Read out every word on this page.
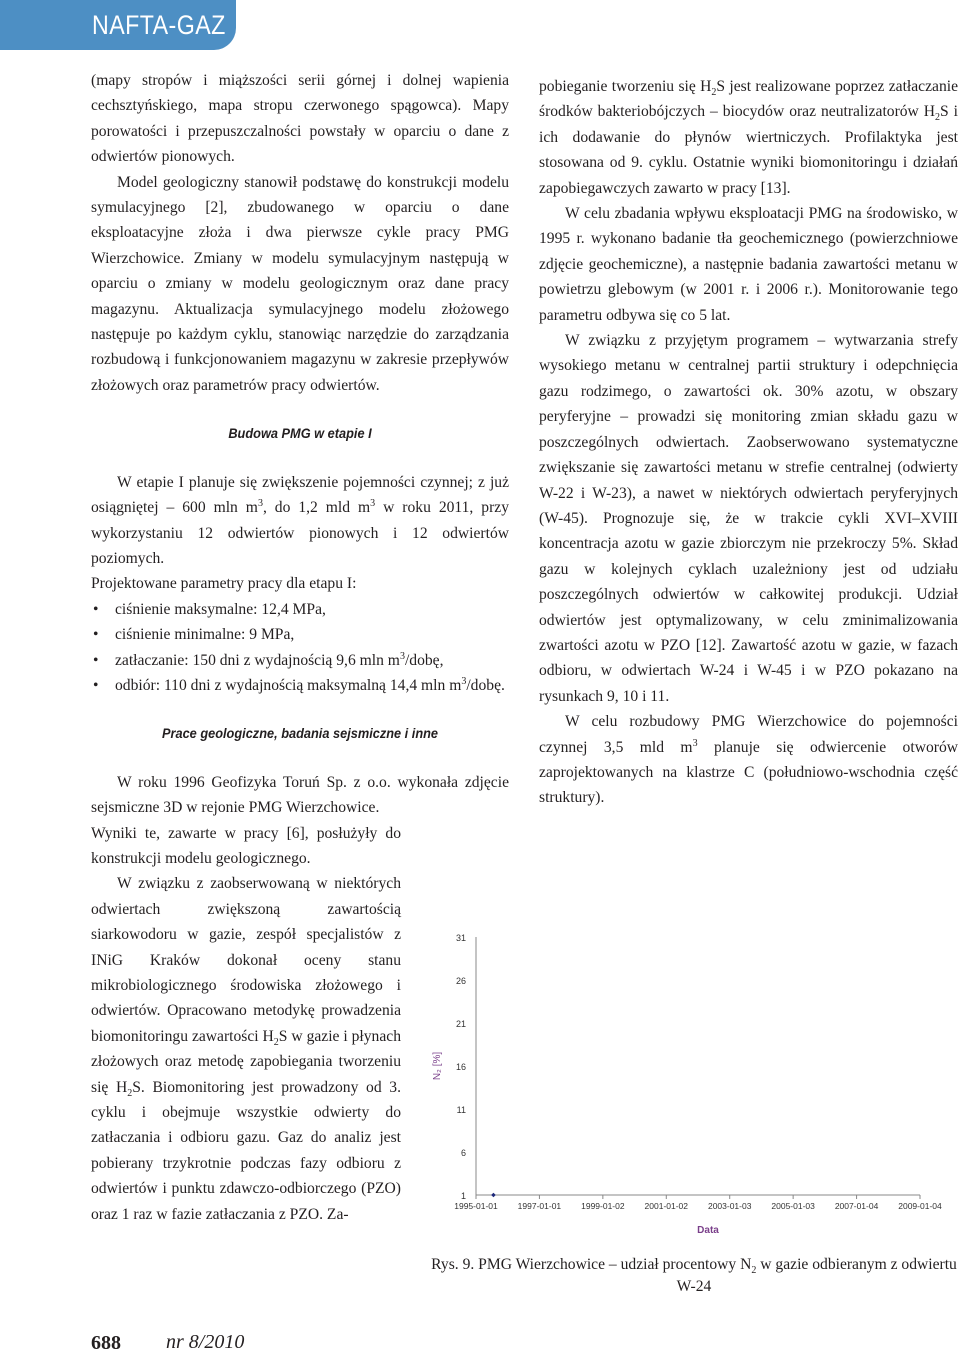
NAFTA-GAZ

(mapy stropów i miąższości serii górnej i dolnej wapienia cechsztyńskiego, mapa stropu czerwonego spągowca). Mapy porowatości i przepuszczalności powstały w oparciu o dane z odwiertów pionowych.

Model geologiczny stanowił podstawę do konstrukcji modelu symulacyjnego [2], zbudowanego w oparciu o dane eksploatacyjne złoża i dwa pierwsze cykle pracy PMG Wierzchowice. Zmiany w modelu symulacyjnym następują w oparciu o zmiany w modelu geologicznym oraz dane pracy magazynu. Aktualizacja symulacyjnego modelu złożowego następuje po każdym cyklu, stanowiąc narzędzie do zarządzania rozbudową i funkcjonowaniem magazynu w zakresie przepływów złożowych oraz parametrów pracy odwiertów.

Budowa PMG w etapie I

W etapie I planuje się zwiększenie pojemności czynnej; z już osiągniętej – 600 mln $m^3$, do 1,2 mld $m^3$ w roku 2011, przy wykorzystaniu 12 odwiertów pionowych i 12 odwiertów poziomych.

Projektowane parametry pracy dla etapu I:

• ciśnienie maksymalne: 12,4 MPa,
• ciśnienie minimalne: 9 MPa,
• zatłaczanie: 150 dni z wydajnością 9,6 mln $m^3$/dobę,
• odbiór: 110 dni z wydajnością maksymalną 14,4 mln $m^3$/dobę.
Prace geologiczne, badania sejsmiczne i inne

W roku 1996 Geofizyka Toruń Sp. z o.o. wykonała zdjęcie sejsmiczne 3D w rejonie PMG Wierzchowice.

Wyniki te, zawarte w pracy [6], posłużyły do konstrukcji modelu geologicznego.

W związku z zaobserwowaną w niektórych odwiertach zwiększoną zawartością siarkowodoru w gazie, zespół specjalistów z INiG Kraków dokonał oceny stanu mikrobiologicznego środowiska złożowego i odwiertów. Opracowano metodykę prowadzenia biomonitoringu zawartości $H_2S$ w gazie i płynach złożowych oraz metodę zapobiegania tworzeniu się $H_2S$. Biomonitoring jest prowadzony od 3. cyklu i obejmuje wszystkie odwierty do zatłaczania i odbioru gazu. Gaz do analiz jest pobierany trzykrotnie podczas fazy odbioru z odwiertów i punktu zdawczo-odbiorczego (PZO) oraz 1 raz w fazie zatłaczania z PZO. Za-

pobieganie tworzeniu się $H_2S$ jest realizowane poprzez zatłaczanie środków bakteriobójczych – biocydów oraz neutralizatorów $H_2S$ i ich dodawanie do płynów wiertniczych. Profilaktyka jest stosowana od 9. cyklu. Ostatnie wyniki biomonitoringu i działań zapobiegawczych zawarto w pracy [13].

W celu zbadania wpływu eksploatacji PMG na środowisko, w 1995 r. wykonano badanie tła geochemicznego (powierzchniowe zdjęcie geochemiczne), a następnie badania zawartości metanu w powietrzu glebowym (w 2001 r. i 2006 r.). Monitorowanie tego parametru odbywa się co 5 lat.

W związku z przyjętym programem – wytwarzania strefy wysokiego metanu w centralnej partii struktury i odepchnięcia gazu rodzimego, o zawartości ok. 30% azotu, w obszary peryferyjne – prowadzi się monitoring zmian składu gazu w poszczególnych odwiertach. Zaobserwowano systematyczne zwiększanie się zawartości metanu w strefie centralnej (odwierty W-22 i W-23), a nawet w niektórych odwiertach peryferyjnych (W-45). Prognozuje się, że w trakcie cykli XVI–XVIII koncentracja azotu w gazie zbiorczym nie przekroczy 5%. Skład gazu w kolejnych cyklach uzależniony jest od udziału poszczególnych odwiertów w całkowitej produkcji. Udział odwiertów jest optymalizowany, w celu zminimalizowania zwartości azotu w PZO [12]. Zawartość azotu w gazie, w fazach odbioru, w odwiertach W-24 i W-45 i w PZO pokazano na rysunkach 9, 10 i 11.

W celu rozbudowy PMG Wierzchowice do pojemności czynnej 3,5 mld $m^3$ planuje się odwiercenie otworów zaprojektowanych na klastrze C (południowo-wschodnia część struktury).

31
26
21
16
11
6
1
1995-01-01 1997-01-01 1999-01-02 2001-01-02 2003-01-03 2005-01-03 2007-01-04 2009-01-04
Data
N₂ [%]
Rys. 9. PMG Wierzchowice – udział procentowy $N_2$ w gazie odbieranym z odwiertu W-24
688 nr 8/2010
